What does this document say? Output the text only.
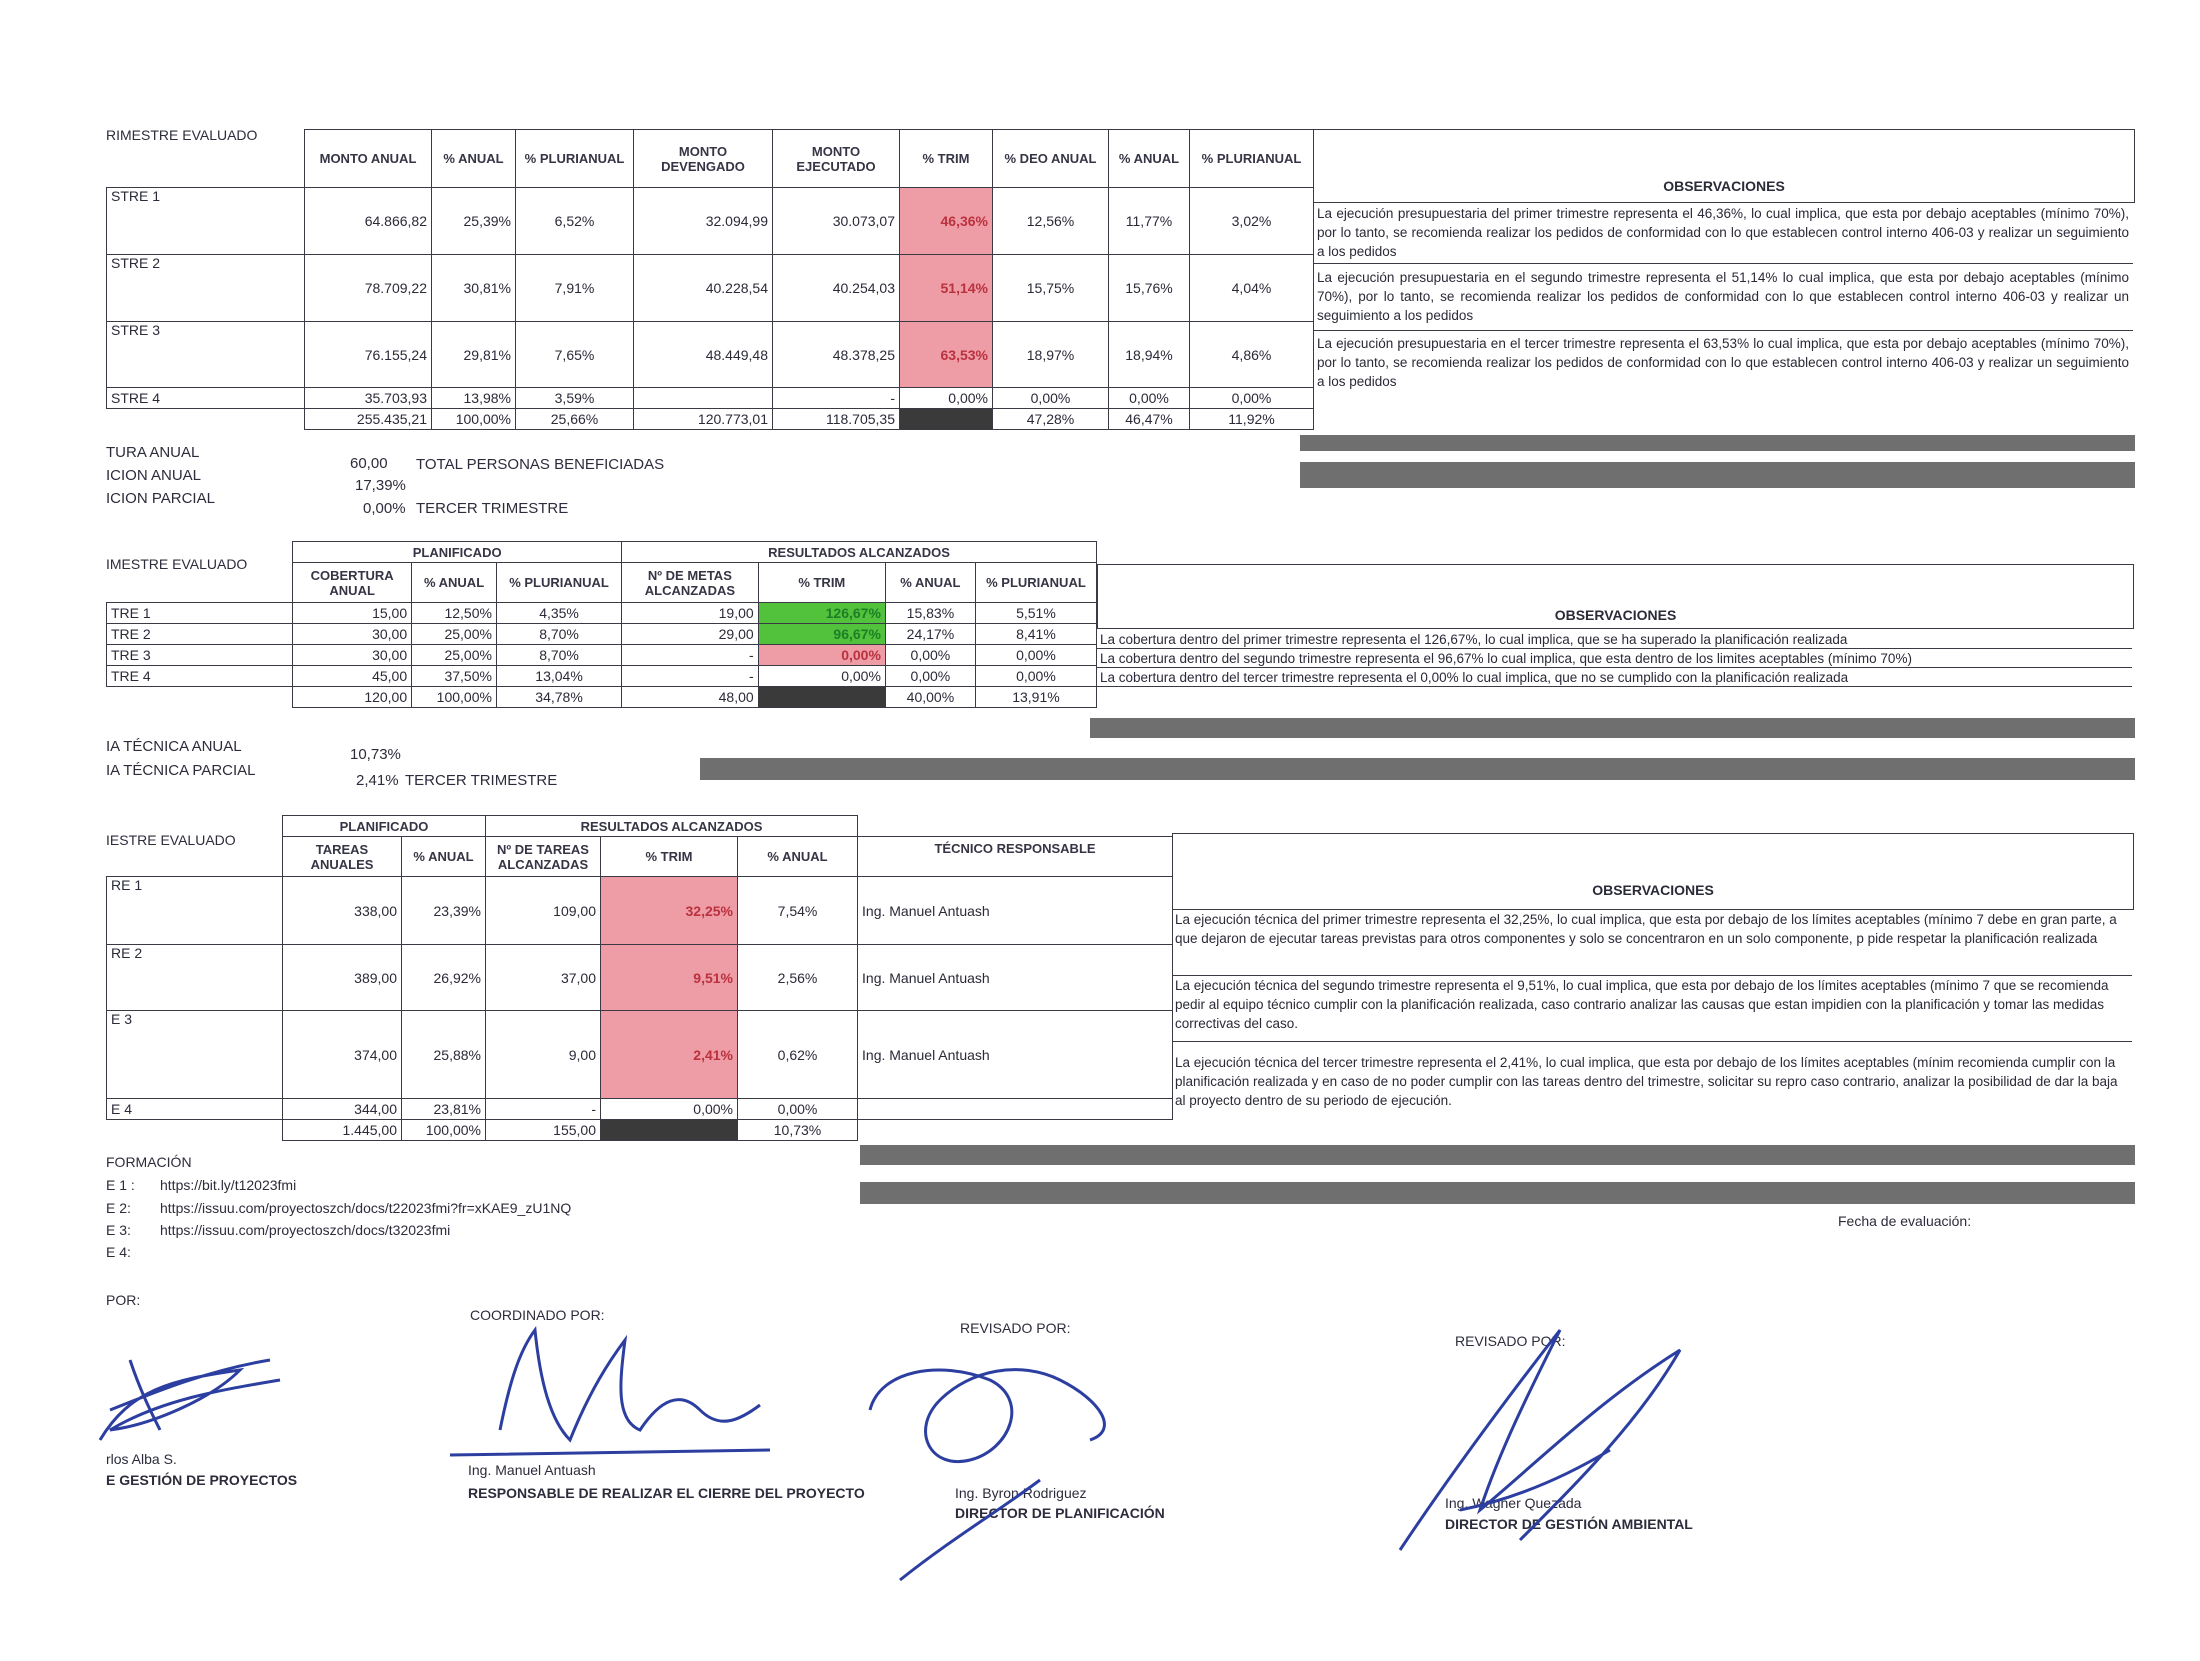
RIMESTRE EVALUADO
	MONTO ANUAL	% ANUAL	% PLURIANUAL	MONTO DEVENGADO	MONTO EJECUTADO	% TRIM	% DEO ANUAL	% ANUAL	% PLURIANUAL
STRE 1	64.866,82	25,39%	6,52%	32.094,99	30.073,07	46,36%	12,56%	11,77%	3,02%
STRE 2	78.709,22	30,81%	7,91%	40.228,54	40.254,03	51,14%	15,75%	15,76%	4,04%
STRE 3	76.155,24	29,81%	7,65%	48.449,48	48.378,25	63,53%	18,97%	18,94%	4,86%
STRE 4	35.703,93	13,98%	3,59%		-	0,00%	0,00%	0,00%	0,00%
	255.435,21	100,00%	25,66%	120.773,01	118.705,35		47,28%	46,47%	11,92%
OBSERVACIONES
La ejecución presupuestaria del primer trimestre representa el 46,36%, lo cual implica, que esta por debajo aceptables (mínimo 70%), por lo tanto, se recomienda realizar los pedidos de conformidad con lo que establecen control interno 406-03 y realizar un seguimiento a los pedidos
La ejecución presupuestaria en el segundo trimestre representa el 51,14% lo cual implica, que esta por debajo aceptables (mínimo 70%), por lo tanto, se recomienda realizar los pedidos de conformidad con lo que establecen control interno 406-03 y realizar un seguimiento a los pedidos
La ejecución presupuestaria en el tercer trimestre representa el 63,53% lo cual implica, que esta por debajo aceptables (mínimo 70%), por lo tanto, se recomienda realizar los pedidos de conformidad con lo que establecen control interno 406-03 y realizar un seguimiento a los pedidos
TURA ANUAL
60,00 TOTAL PERSONAS BENEFICIADAS
ICION ANUAL
17,39%
ICION PARCIAL
0,00% TERCER TRIMESTRE
IMESTRE EVALUADO
	PLANIFICADO			RESULTADOS ALCANZADOS			
	COBERTURA ANUAL	% ANUAL	% PLURIANUAL	Nº DE METAS ALCANZADAS	% TRIM	% ANUAL	% PLURIANUAL
TRE 1	15,00	12,50%	4,35%	19,00	126,67%	15,83%	5,51%
TRE 2	30,00	25,00%	8,70%	29,00	96,67%	24,17%	8,41%
TRE 3	30,00	25,00%	8,70%	-	0,00%	0,00%	0,00%
TRE 4	45,00	37,50%	13,04%	-	0,00%	0,00%	0,00%
	120,00	100,00%	34,78%	48,00		40,00%	13,91%
OBSERVACIONES
La cobertura dentro del primer trimestre representa el 126,67%, lo cual implica, que se ha superado la planificación realizada
La cobertura dentro del segundo trimestre representa el 96,67% lo cual implica, que esta dentro de los limites aceptables (mínimo 70%)
La cobertura dentro del tercer trimestre representa el 0,00% lo cual implica, que no se cumplido con la planificación realizada
IA TÉCNICA ANUAL	10,73%
IA TÉCNICA PARCIAL
2,41% TERCER TRIMESTRE
IESTRE EVALUADO
	PLANIFICADO		RESULTADOS ALCANZADOS			
	TAREAS ANUALES	% ANUAL	Nº DE TAREAS ALCANZADAS	% TRIM	% ANUAL	TÉCNICO RESPONSABLE
RE 1	338,00	23,39%	109,00	32,25%	7,54%	Ing. Manuel Antuash
RE 2	389,00	26,92%	37,00	9,51%	2,56%	Ing. Manuel Antuash
E 3	374,00	25,88%	9,00	2,41%	0,62%	Ing. Manuel Antuash
E 4	344,00	23,81%	-	0,00%	0,00%	
	1.445,00	100,00%	155,00		10,73%	
OBSERVACIONES
La ejecución técnica del primer trimestre representa el 32,25%, lo cual implica, que esta por debajo de los límites aceptables (mínimo 7 debe en gran parte, a que dejaron de ejecutar tareas previstas para otros componentes y solo se concentraron en un solo componente, p pide respetar la planificación realizada
La ejecución técnica del segundo trimestre representa el 9,51%, lo cual implica, que esta por debajo de los límites aceptables (mínimo 7 que se recomienda pedir al equipo técnico cumplir con la planificación realizada, caso contrario analizar las causas que estan impidien con la planificación y tomar las medidas correctivas del caso.
La ejecución técnica del tercer trimestre representa el 2,41%, lo cual implica, que esta por debajo de los límites aceptables (mínim recomienda cumplir con la planificación realizada y en caso de no poder cumplir con las tareas dentro del trimestre, solicitar su repro caso contrario, analizar la posibilidad de dar la baja al proyecto dentro de su periodo de ejecución.
FORMACIÓN
E 1 : https://bit.ly/t12023fmi
E 2: https://issuu.com/proyectoszch/docs/t22023fmi?fr=xKAE9_zU1NQ
E 3: https://issuu.com/proyectoszch/docs/t32023fmi
E 4:
Fecha de evaluación:
POR:
rlos Alba S.
E GESTIÓN DE PROYECTOS
COORDINADO POR:
Ing. Manuel Antuash
RESPONSABLE DE REALIZAR EL CIERRE DEL PROYECTO
REVISADO POR:
Ing. Byron Rodriguez
DIRECTOR DE PLANIFICACIÓN
REVISADO POR:
Ing. Wagner Quezada
DIRECTOR DE GESTIÓN AMBIENTAL
